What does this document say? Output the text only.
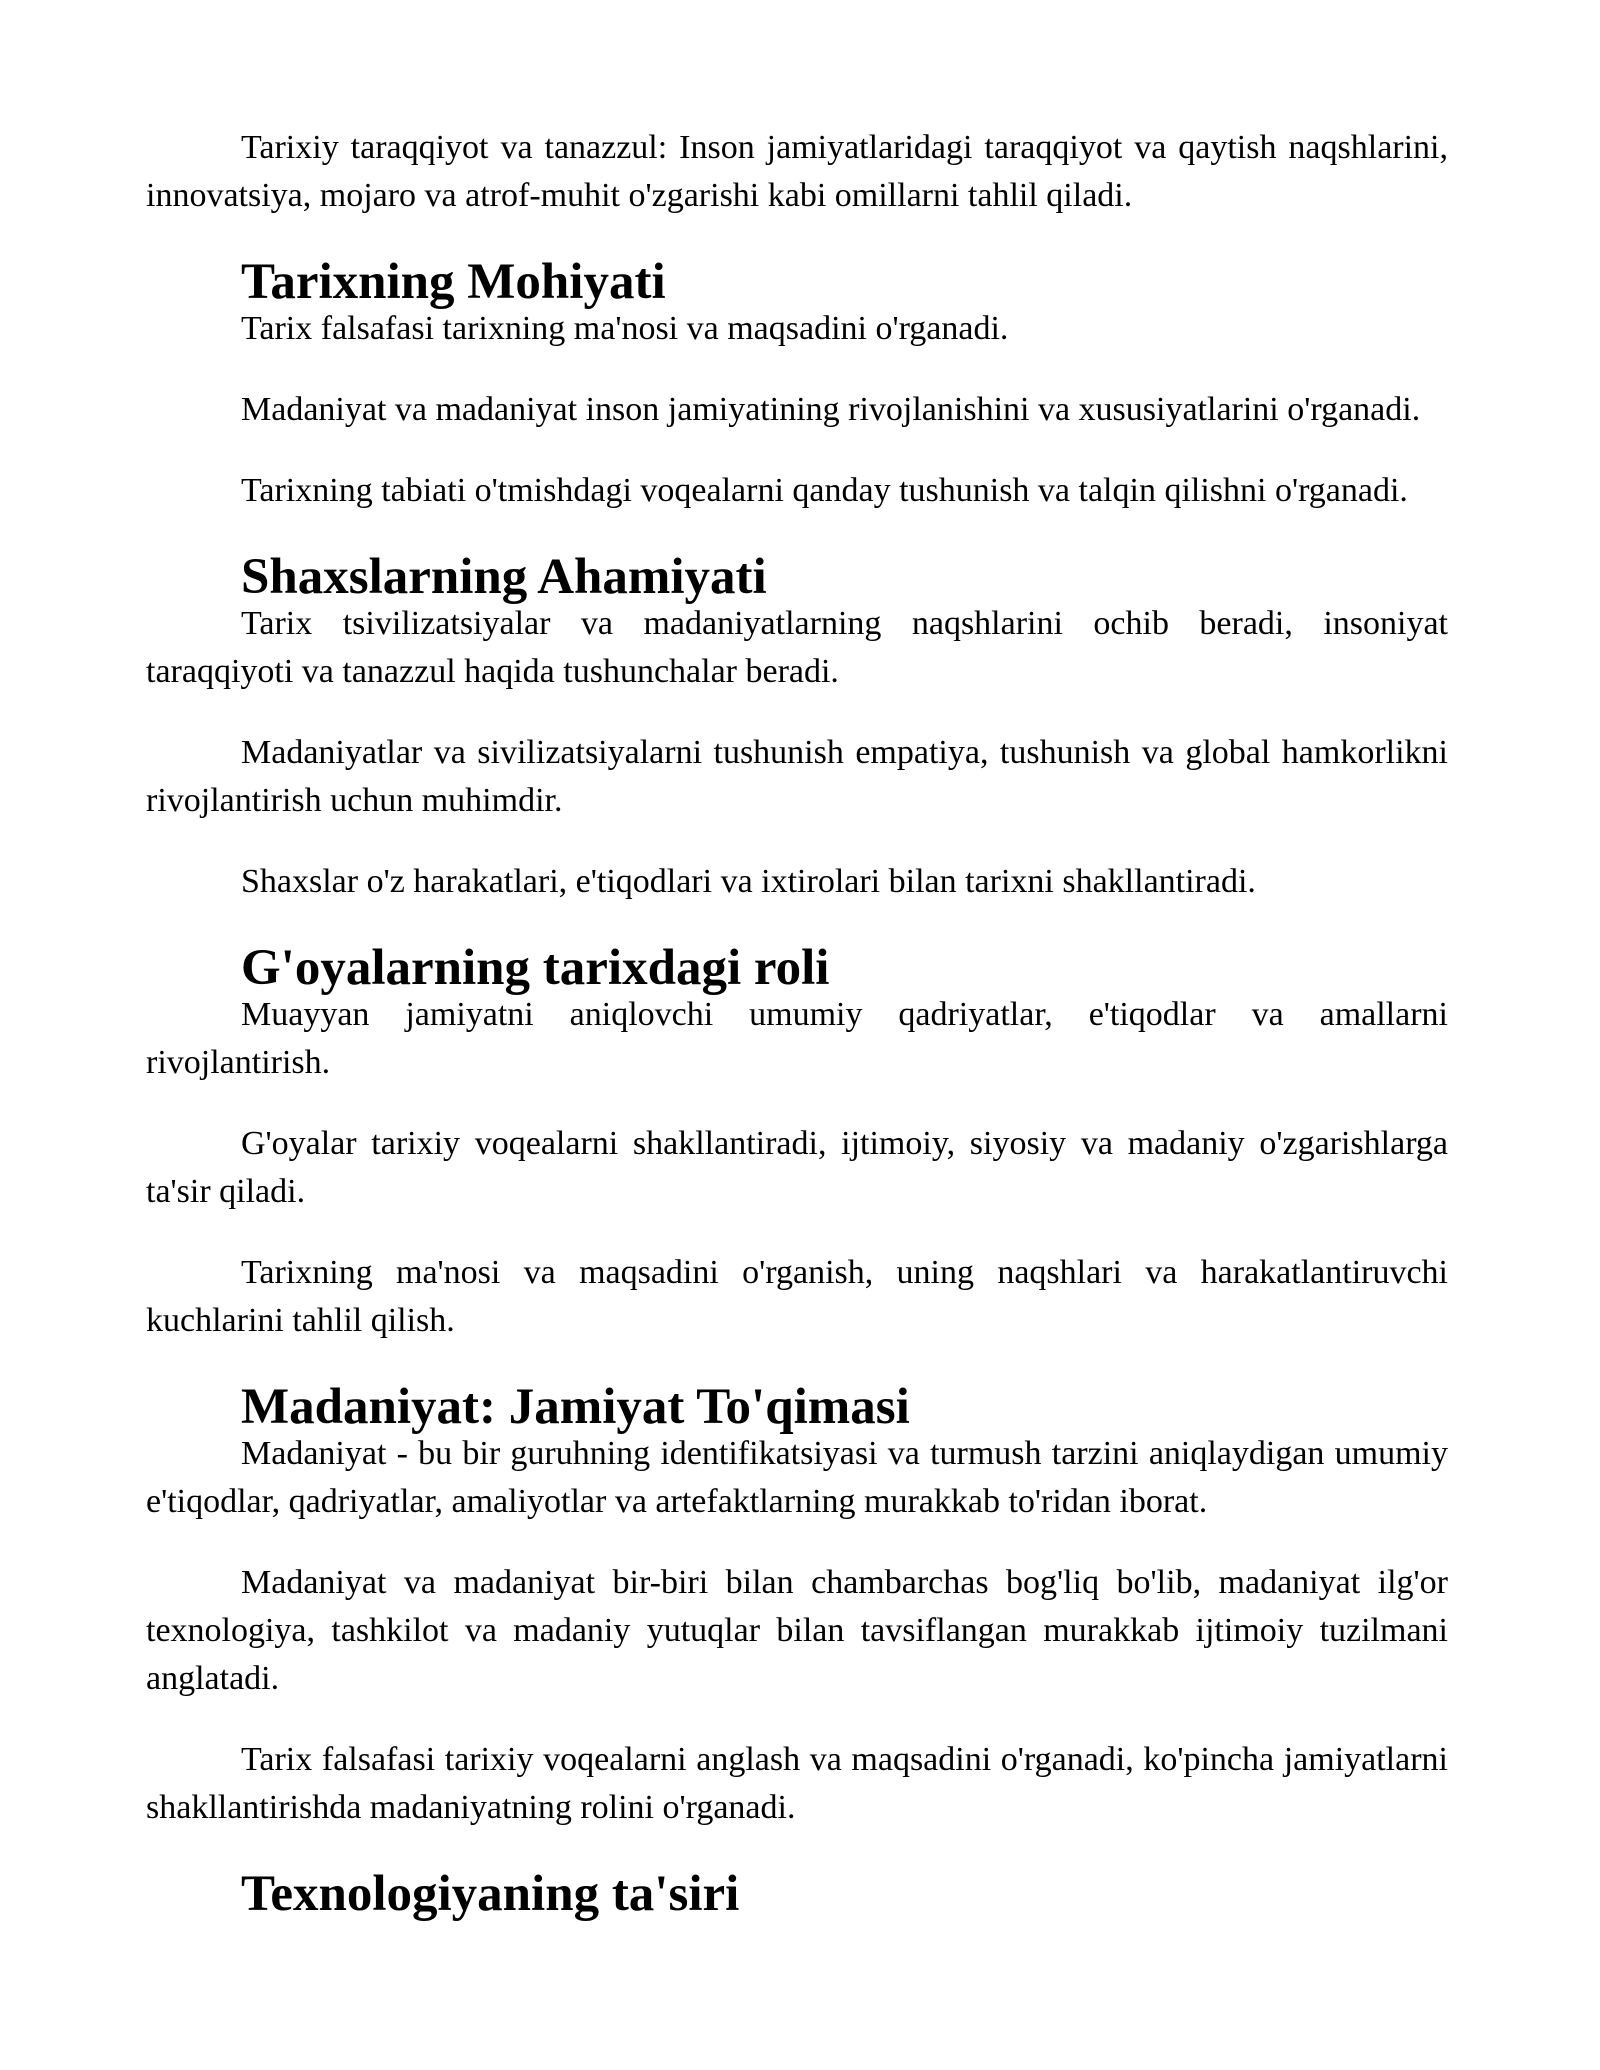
Tarixiy taraqqiyot va tanazzul: Inson jamiyatlaridagi taraqqiyot va qaytish naqshlarini, innovatsiya, mojaro va atrof-muhit o'zgarishi kabi omillarni tahlil qiladi.

Tarixning Mohiyati

Tarix falsafasi tarixning ma'nosi va maqsadini o'rganadi.

Madaniyat va madaniyat inson jamiyatining rivojlanishini va xususiyatlarini o'rganadi.

Tarixning tabiati o'tmishdagi voqealarni qanday tushunish va talqin qilishni o'rganadi.

Shaxslarning Ahamiyati

Tarix tsivilizatsiyalar va madaniyatlarning naqshlarini ochib beradi, insoniyat taraqqiyoti va tanazzul haqida tushunchalar beradi.

Madaniyatlar va sivilizatsiyalarni tushunish empatiya, tushunish va global hamkorlikni rivojlantirish uchun muhimdir.

Shaxslar o'z harakatlari, e'tiqodlari va ixtirolari bilan tarixni shakllantiradi.

G'oyalarning tarixdagi roli

Muayyan jamiyatni aniqlovchi umumiy qadriyatlar, e'tiqodlar va amallarni rivojlantirish.

G'oyalar tarixiy voqealarni shakllantiradi, ijtimoiy, siyosiy va madaniy o'zgarishlarga ta'sir qiladi.

Tarixning ma'nosi va maqsadini o'rganish, uning naqshlari va harakatlantiruvchi kuchlarini tahlil qilish.

Madaniyat: Jamiyat To'qimasi

Madaniyat - bu bir guruhning identifikatsiyasi va turmush tarzini aniqlaydigan umumiy e'tiqodlar, qadriyatlar, amaliyotlar va artefaktlarning murakkab to'ridan iborat.

Madaniyat va madaniyat bir-biri bilan chambarchas bog'liq bo'lib, madaniyat ilg'or texnologiya, tashkilot va madaniy yutuqlar bilan tavsiflangan murakkab ijtimoiy tuzilmani anglatadi.

Tarix falsafasi tarixiy voqealarni anglash va maqsadini o'rganadi, ko'pincha jamiyatlarni shakllantirishda madaniyatning rolini o'rganadi.

Texnologiyaning ta'siri
